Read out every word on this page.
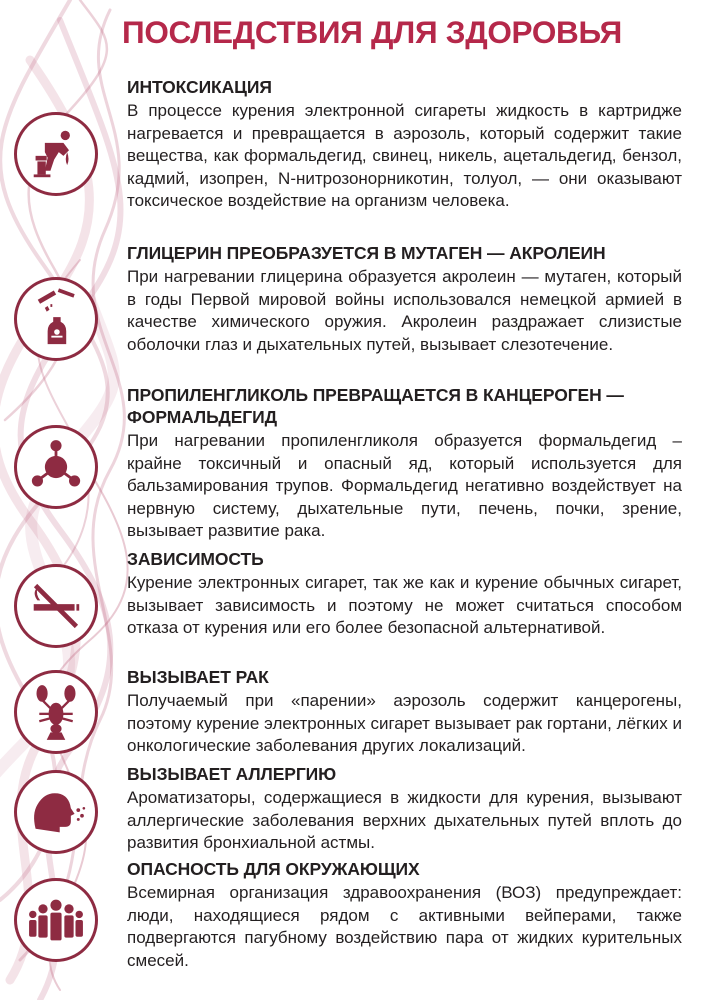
ПОСЛЕДСТВИЯ ДЛЯ ЗДОРОВЬЯ
ИНТОКСИКАЦИЯ

В процессе курения электронной сигареты жидкость в картридже нагревается и превращается в аэрозоль, который содержит такие вещества, как формальдегид, свинец, никель, ацетальдегид, бензол, кадмий, изопрен, N-нитрозонорникотин, толуол, — они оказывают токсическое воздействие на организм человека.

ГЛИЦЕРИН ПРЕОБРАЗУЕТСЯ В МУТАГЕН — АКРОЛЕИН

При нагревании глицерина образуется акролеин — мутаген, который в годы Первой мировой войны использовался немецкой армией в качестве химического оружия. Акролеин раздражает слизистые оболочки глаз и дыхательных путей, вызывает слезотечение.

ПРОПИЛЕНГЛИКОЛЬ ПРЕВРАЩАЕТСЯ В КАНЦЕРОГЕН — ФОРМАЛЬДЕГИД

При нагревании пропиленгликоля образуется формальдегид – крайне токсичный и опасный яд, который используется для бальзамирования трупов. Формальдегид негативно воздействует на нервную систему, дыхательные пути, печень, почки, зрение, вызывает развитие рака.

ЗАВИСИМОСТЬ

Курение электронных сигарет, так же как и курение обычных сигарет, вызывает зависимость и поэтому не может считаться способом отказа от курения или его более безопасной альтернативой.

ВЫЗЫВАЕТ РАК

Получаемый при «парении» аэрозоль содержит канцерогены, поэтому курение электронных сигарет вызывает рак гортани, лёгких и онкологические заболевания других локализаций.

ВЫЗЫВАЕТ АЛЛЕРГИЮ

Ароматизаторы, содержащиеся в жидкости для курения, вызывают аллергические заболевания верхних дыхательных путей вплоть до развития бронхиальной астмы.

ОПАСНОСТЬ ДЛЯ ОКРУЖАЮЩИХ

Всемирная организация здравоохранения (ВОЗ) предупреждает: люди, находящиеся рядом с активными вейперами, также подвергаются пагубному воздействию пара от жидких курительных смесей.
